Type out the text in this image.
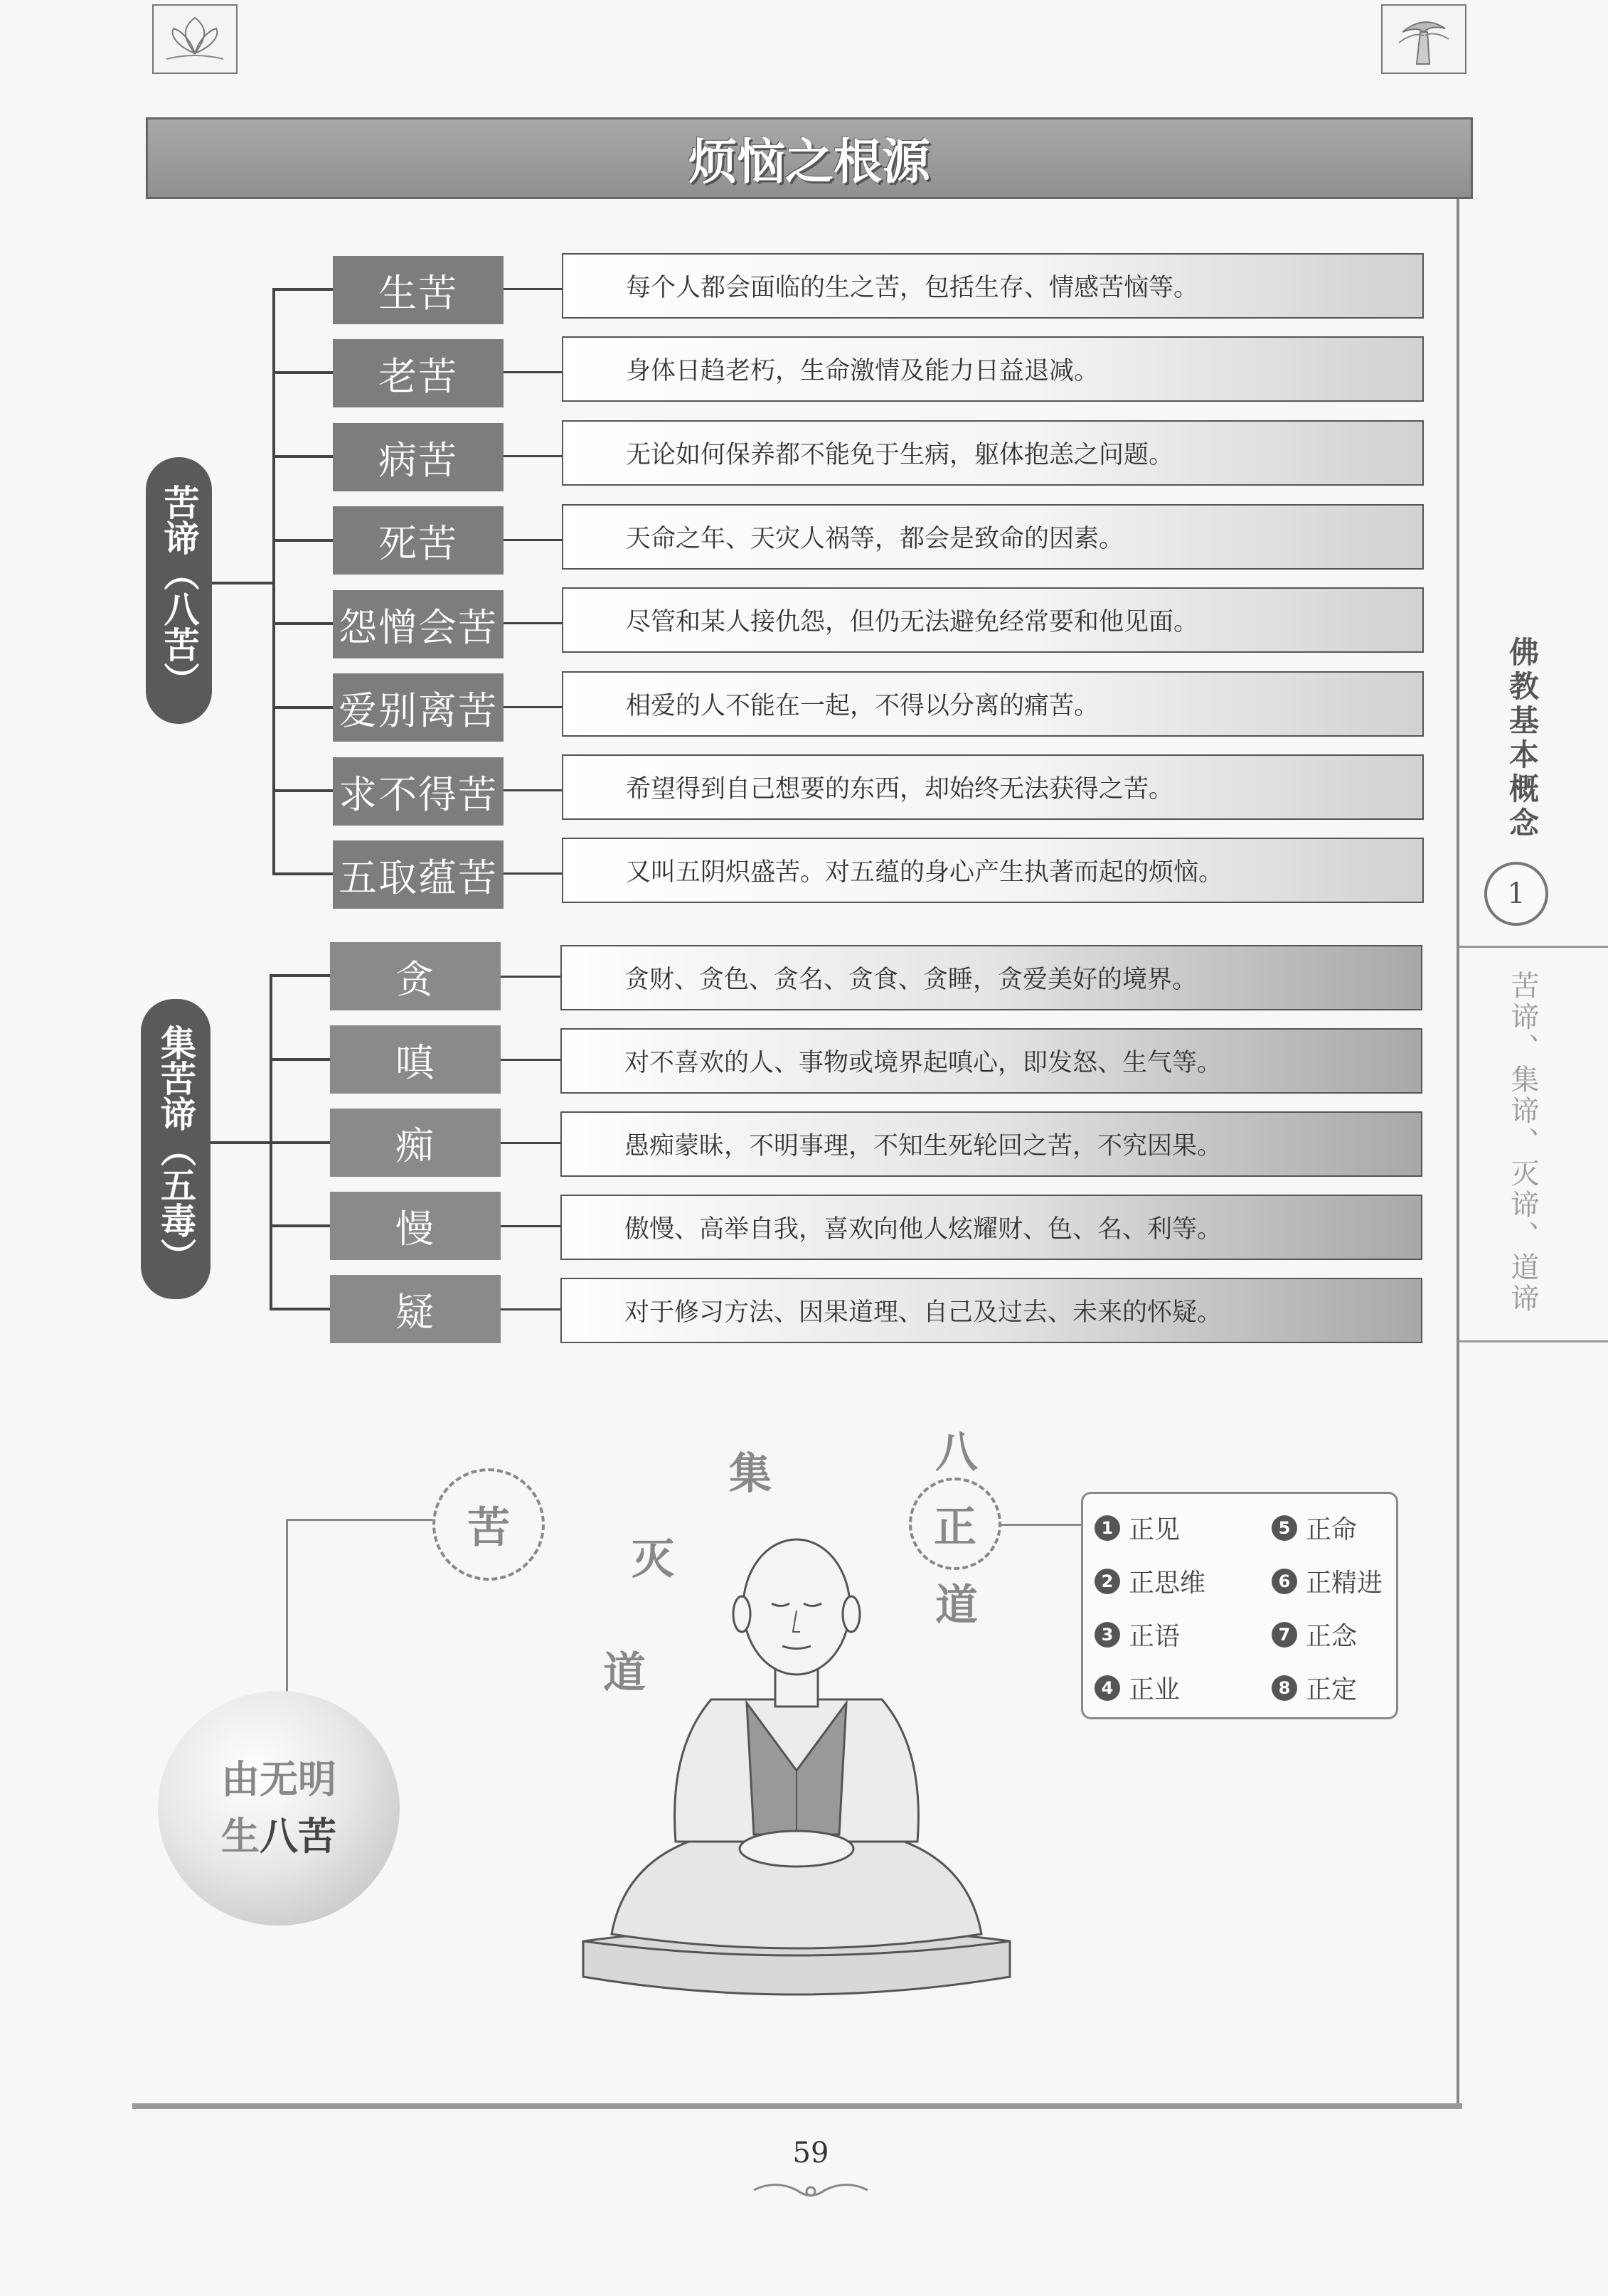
烦恼之根源
苦谛（八苦）
生苦	每个人都会面临的生之苦，包括生存、情感苦恼等。
老苦	身体日趋老朽，生命激情及能力日益退减。
病苦	无论如何保养都不能免于生病，躯体抱恙之问题。
死苦	天命之年、天灾人祸等，都会是致命的因素。
怨憎会苦	尽管和某人接仇怨，但仍无法避免经常要和他见面。
爱别离苦	相爱的人不能在一起，不得以分离的痛苦。
求不得苦	希望得到自己想要的东西，却始终无法获得之苦。
五取蕴苦	又叫五阴炽盛苦。对五蕴的身心产生执著而起的烦恼。
集苦谛（五毒）
贪	贪财、贪色、贪名、贪食、贪睡，贪爱美好的境界。
嗔	对不喜欢的人、事物或境界起嗔心，即发怒、生气等。
痴	愚痴蒙昧，不明事理，不知生死轮回之苦，不究因果。
慢	傲慢、高举自我，喜欢向他人炫耀财、色、名、利等。
疑	对于修习方法、因果道理、自己及过去、未来的怀疑。
佛教基本概念
1
苦谛、集谛、灭谛、道谛
苦
集
灭
道
八
正
道
1 正见
2 正思维
3 正语
4 正业
5 正命
6 正精进
7 正念
8 正定
由无明
生八苦
59
